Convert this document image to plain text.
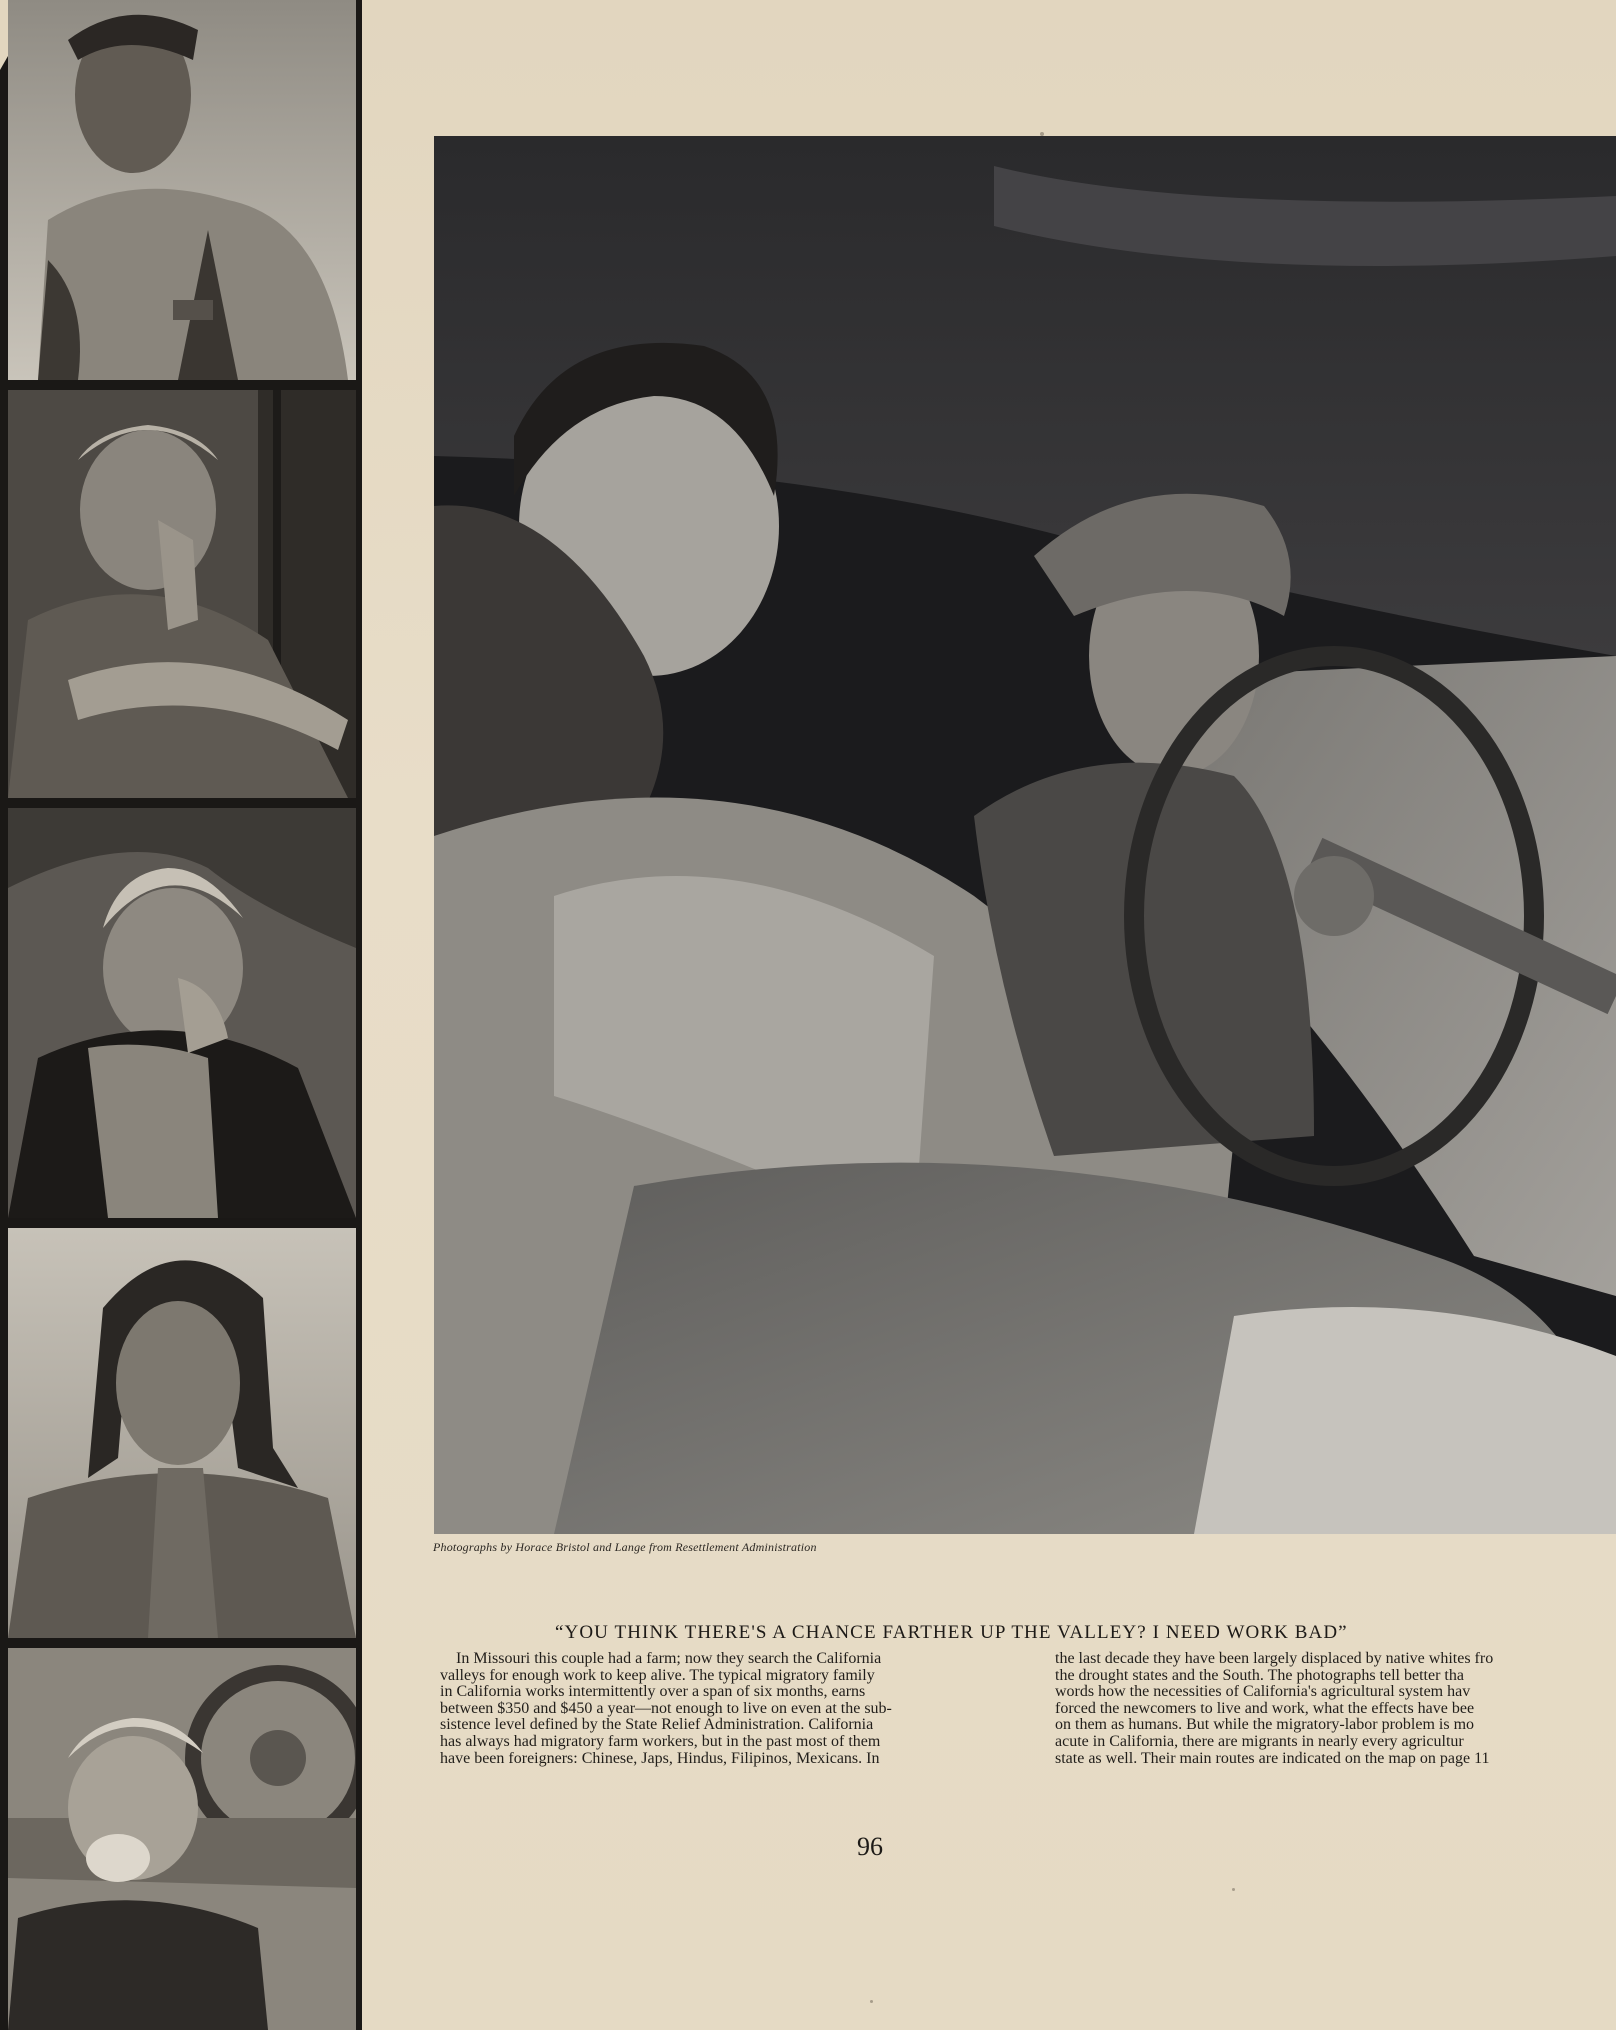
Photographs by Horace Bristol and Lange from Resettlement Administration
“YOU THINK THERE'S A CHANCE FARTHER UP THE VALLEY? I NEED WORK BAD”
In Missouri this couple had a farm; now they search the California
valleys for enough work to keep alive. The typical migratory family
in California works intermittently over a span of six months, earns
between $350 and $450 a year—not enough to live on even at the sub-
sistence level defined by the State Relief Administration. California
has always had migratory farm workers, but in the past most of them
have been foreigners: Chinese, Japs, Hindus, Filipinos, Mexicans. In
the last decade they have been largely displaced by native whites fro
the drought states and the South. The photographs tell better tha
words how the necessities of California's agricultural system hav
forced the newcomers to live and work, what the effects have bee
on them as humans. But while the migratory-labor problem is mo
acute in California, there are migrants in nearly every agricultur
state as well. Their main routes are indicated on the map on page 11
96
